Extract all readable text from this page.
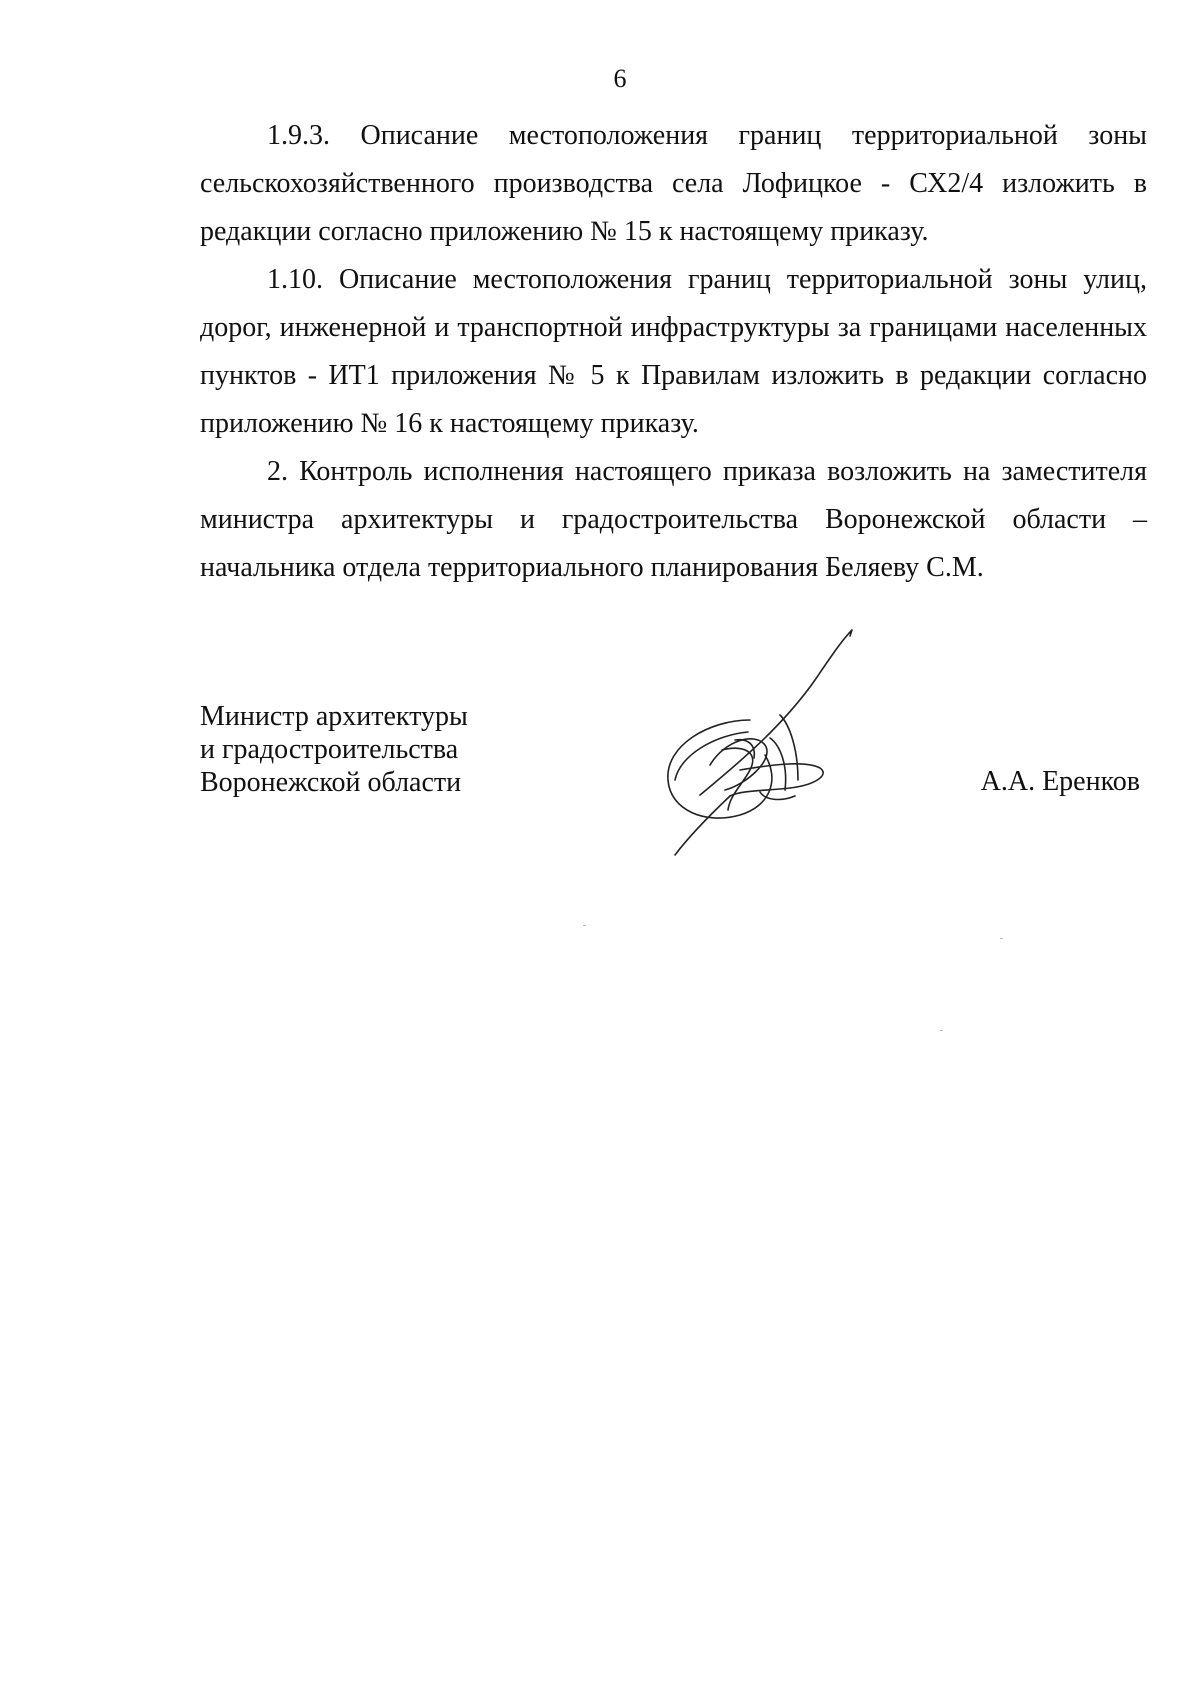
6

1.9.3. Описание местоположения границ территориальной зоны сельскохозяйственного производства села Лофицкое - СХ2/4 изложить в редакции согласно приложению № 15 к настоящему приказу.

1.10. Описание местоположения границ территориальной зоны улиц, дорог, инженерной и транспортной инфраструктуры за границами населенных пунктов - ИТ1 приложения № 5 к Правилам изложить в редакции согласно приложению № 16 к настоящему приказу.

2. Контроль исполнения настоящего приказа возложить на заместителя министра архитектуры и градостроительства Воронежской области – начальника отдела территориального планирования Беляеву С.М.

Министр архитектуры
и градостроительства
Воронежской области	А.А. Еренков
